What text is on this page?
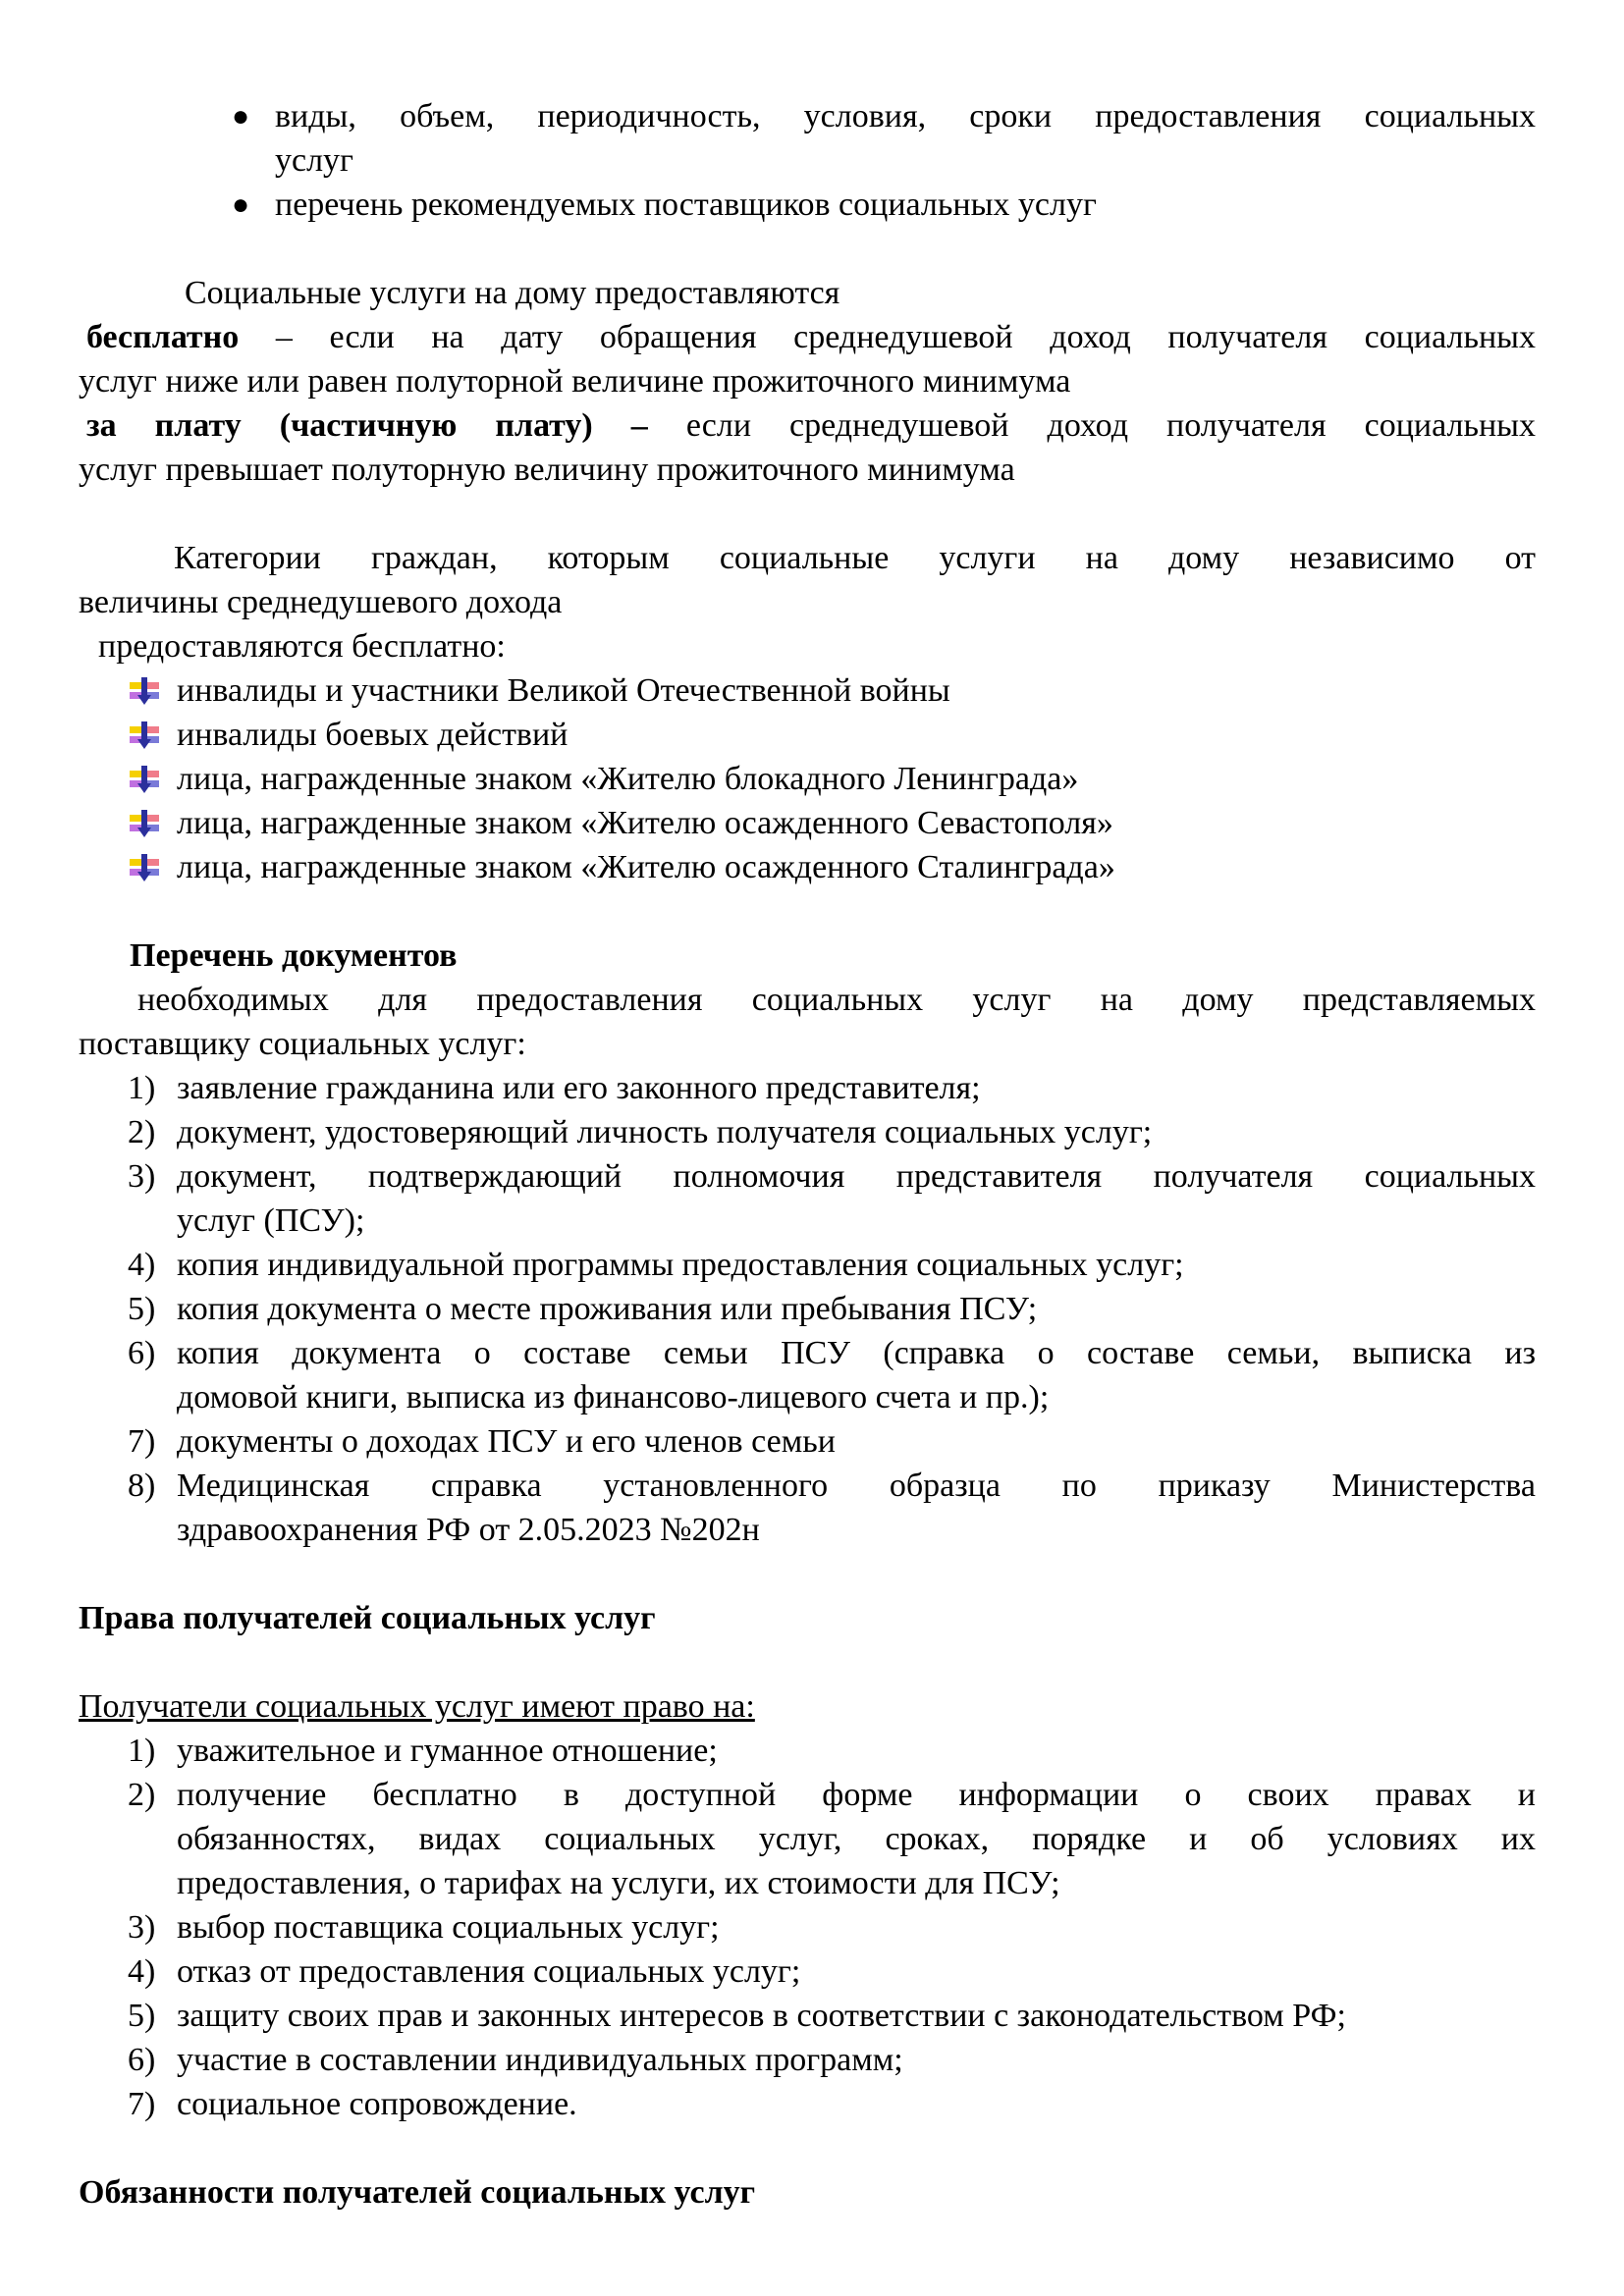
● виды, объем, периодичность, условия, сроки предоставления социальных

услуг

● перечень рекомендуемых поставщиков социальных услуг

Социальные услуги на дому предоставляются

бесплатно – если на дату обращения среднедушевой доход получателя социальных

услуг ниже или равен полуторной величине прожиточного минимума

за плату (частичную плату) – если среднедушевой доход получателя социальных

услуг превышает полуторную величину прожиточного минимума

Категории граждан, которым социальные услуги на дому независимо от

величины среднедушевого дохода

предоставляются бесплатно:

инвалиды и участники Великой Отечественной войны

инвалиды боевых действий

лица, награжденные знаком «Жителю блокадного Ленинграда»

лица, награжденные знаком «Жителю осажденного Севастополя»

лица, награжденные знаком «Жителю осажденного Сталинграда»

Перечень документов

необходимых для предоставления социальных услуг на дому представляемых

поставщику социальных услуг:

1) заявление гражданина или его законного представителя;

2) документ, удостоверяющий личность получателя социальных услуг;

3) документ, подтверждающий полномочия представителя получателя социальных

услуг (ПСУ);

4) копия индивидуальной программы предоставления социальных услуг;

5) копия документа о месте проживания или пребывания ПСУ;

6) копия документа о составе семьи ПСУ (справка о составе семьи, выписка из

домовой книги, выписка из финансово-лицевого счета и пр.);

7) документы о доходах ПСУ и его членов семьи

8) Медицинская справка установленного образца по приказу Министерства

здравоохранения РФ от 2.05.2023 №202н

Права получателей социальных услуг

Получатели социальных услуг имеют право на:

1) уважительное и гуманное отношение;

2) получение бесплатно в доступной форме информации о своих правах и

обязанностях, видах социальных услуг, сроках, порядке и об условиях их

предоставления, о тарифах на услуги, их стоимости для ПСУ;

3) выбор поставщика социальных услуг;

4) отказ от предоставления социальных услуг;

5) защиту своих прав и законных интересов в соответствии с законодательством РФ;

6) участие в составлении индивидуальных программ;

7) социальное сопровождение.

Обязанности получателей социальных услуг
